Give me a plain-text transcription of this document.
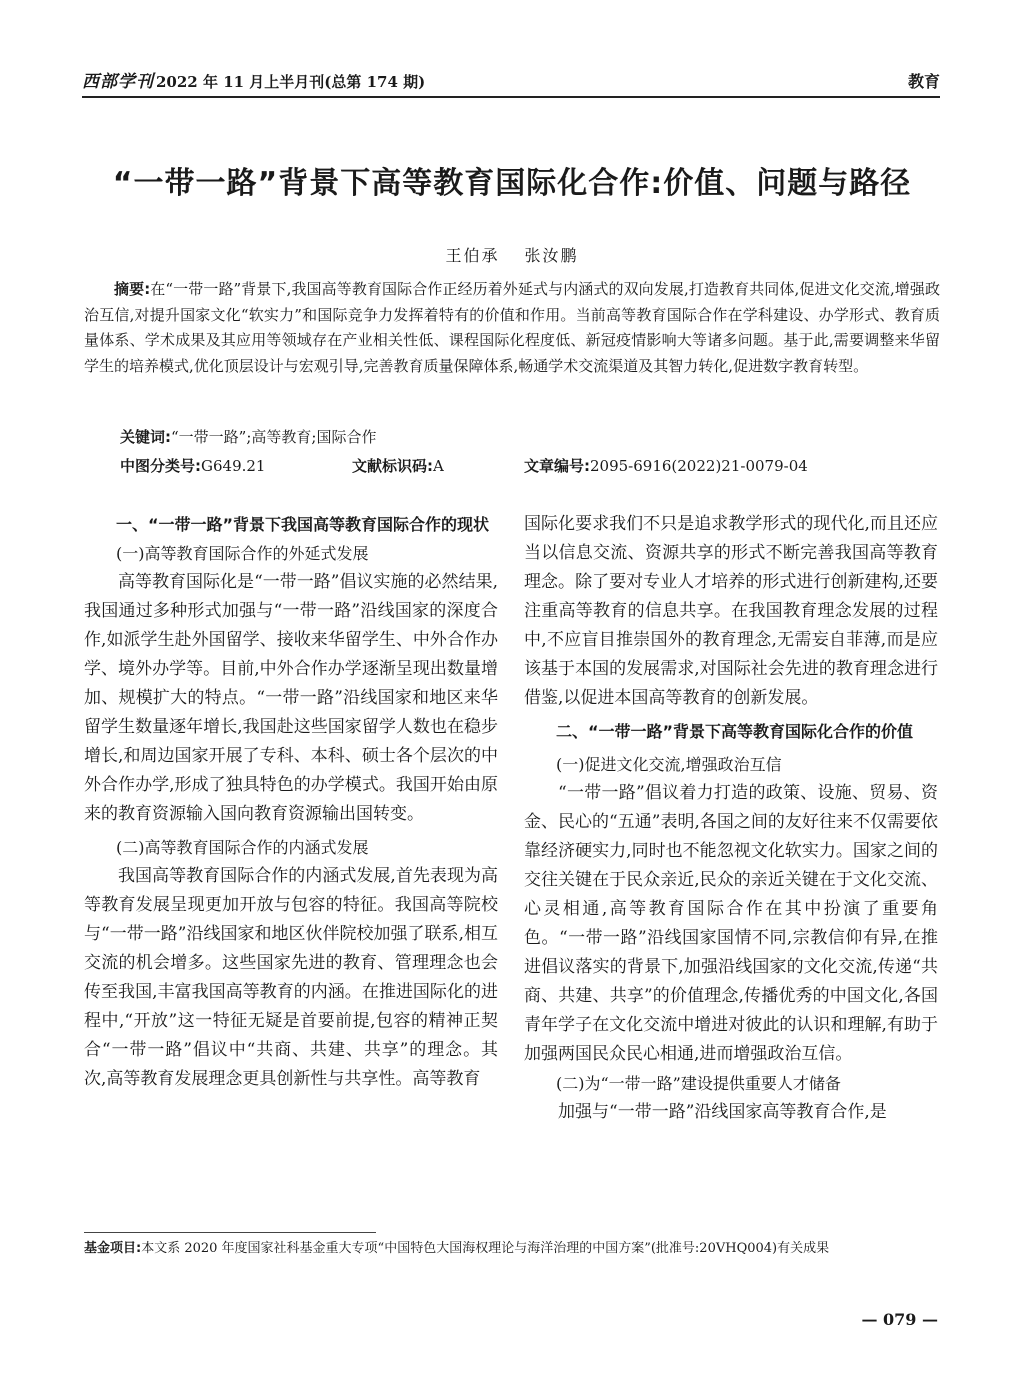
西部学刊 2022 年 11 月上半月刊(总第 174 期)	教育
“一带一路”背景下高等教育国际化合作:价值、问题与路径
王伯承 张汝鹏

摘要:在“一带一路”背景下,我国高等教育国际合作正经历着外延式与内涵式的双向发展,打造教育共同体,促进文化交流,增强政治互信,对提升国家文化“软实力”和国际竞争力发挥着特有的价值和作用。当前高等教育国际合作在学科建设、办学形式、教育质量体系、学术成果及其应用等领域存在产业相关性低、课程国际化程度低、新冠疫情影响大等诸多问题。基于此,需要调整来华留学生的培养模式,优化顶层设计与宏观引导,完善教育质量保障体系,畅通学术交流渠道及其智力转化,促进数字教育转型。

关键词:“一带一路”;高等教育;国际合作
中图分类号:G649.21	文献标识码:A	文章编号:2095-6916(2022)21-0079-04
一、“一带一路”背景下我国高等教育国际合作的现状
(一)高等教育国际合作的外延式发展

高等教育国际化是“一带一路”倡议实施的必然结果,我国通过多种形式加强与“一带一路”沿线国家的深度合作,如派学生赴外国留学、接收来华留学生、中外合作办学、境外办学等。目前,中外合作办学逐渐呈现出数量增加、规模扩大的特点。“一带一路”沿线国家和地区来华留学生数量逐年增长,我国赴这些国家留学人数也在稳步增长,和周边国家开展了专科、本科、硕士各个层次的中外合作办学,形成了独具特色的办学模式。我国开始由原来的教育资源输入国向教育资源输出国转变。

(二)高等教育国际合作的内涵式发展

我国高等教育国际合作的内涵式发展,首先表现为高等教育发展呈现更加开放与包容的特征。我国高等院校与“一带一路”沿线国家和地区伙伴院校加强了联系,相互交流的机会增多。这些国家先进的教育、管理理念也会传至我国,丰富我国高等教育的内涵。在推进国际化的进程中,“开放”这一特征无疑是首要前提,包容的精神正契合“一带一路”倡议中“共商、共建、共享”的理念。其次,高等教育发展理念更具创新性与共享性。高等教育

国际化要求我们不只是追求教学形式的现代化,而且还应当以信息交流、资源共享的形式不断完善我国高等教育理念。除了要对专业人才培养的形式进行创新建构,还要注重高等教育的信息共享。在我国教育理念发展的过程中,不应盲目推崇国外的教育理念,无需妄自菲薄,而是应该基于本国的发展需求,对国际社会先进的教育理念进行借鉴,以促进本国高等教育的创新发展。

二、“一带一路”背景下高等教育国际化合作的价值
(一)促进文化交流,增强政治互信

“一带一路”倡议着力打造的政策、设施、贸易、资金、民心的“五通”表明,各国之间的友好往来不仅需要依靠经济硬实力,同时也不能忽视文化软实力。国家之间的交往关键在于民众亲近,民众的亲近关键在于文化交流、心灵相通,高等教育国际合作在其中扮演了重要角色。“一带一路”沿线国家国情不同,宗教信仰有异,在推进倡议落实的背景下,加强沿线国家的文化交流,传递“共商、共建、共享”的价值理念,传播优秀的中国文化,各国青年学子在文化交流中增进对彼此的认识和理解,有助于加强两国民众民心相通,进而增强政治互信。

(二)为“一带一路”建设提供重要人才储备

加强与“一带一路”沿线国家高等教育合作,是

基金项目:本文系 2020 年度国家社科基金重大专项“中国特色大国海权理论与海洋治理的中国方案”(批准号:20VHQ004)有关成果
— 079 —
